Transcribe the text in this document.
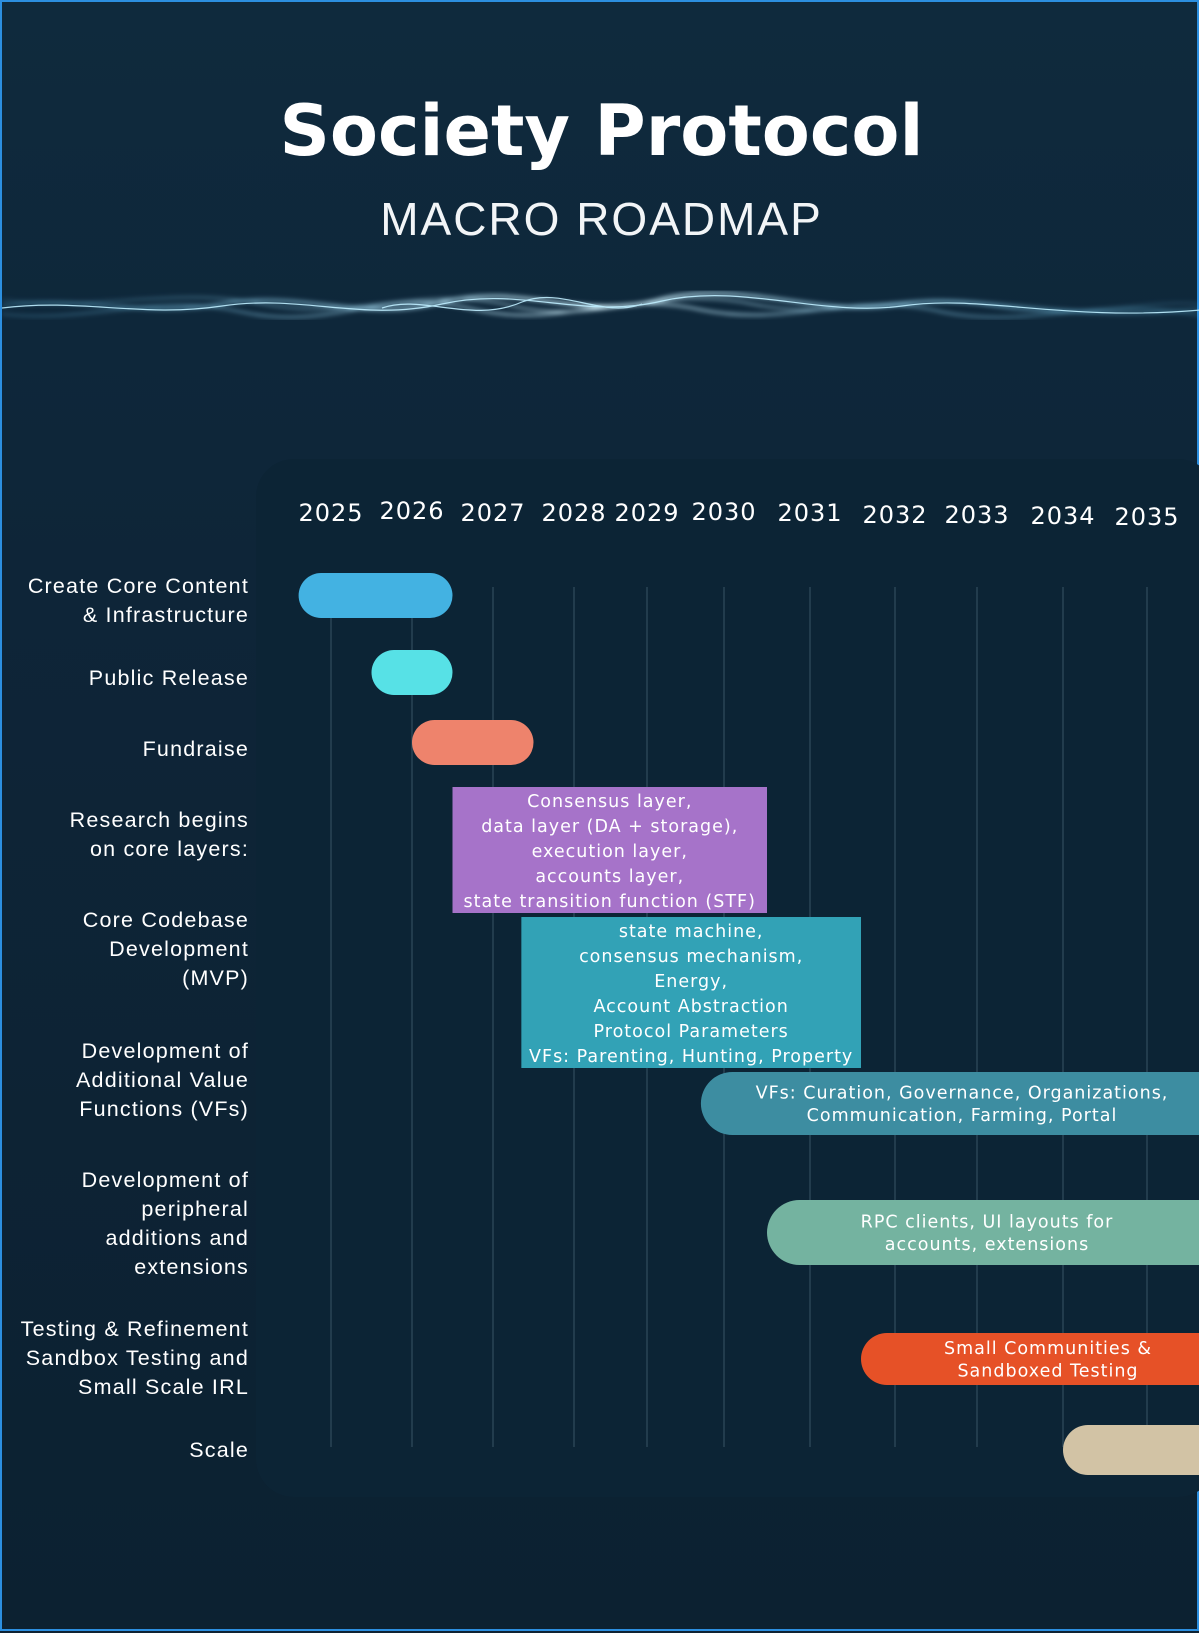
Society Protocol
MACRO ROADMAP
2025 2026 2027 2028 2029 2030 2031 2032 2033 2034 2035
Consensus layer,
data layer (DA + storage),
execution layer,
accounts layer,
state transition function (STF)
state machine,
consensus mechanism,
Energy,
Account Abstraction
Protocol Parameters
VFs: Parenting, Hunting, Property
VFs: Curation, Governance, Organizations,
Communication, Farming, Portal
RPC clients, UI layouts for
accounts, extensions
Small Communities &
Sandboxed Testing
Create Core Content
& Infrastructure
Public Release
Fundraise
Research begins
on core layers:
Core Codebase
Development
(MVP)
Development of
Additional Value
Functions (VFs)
Development of
peripheral
additions and
extensions
Testing & Refinement
Sandbox Testing and
Small Scale IRL
Scale
